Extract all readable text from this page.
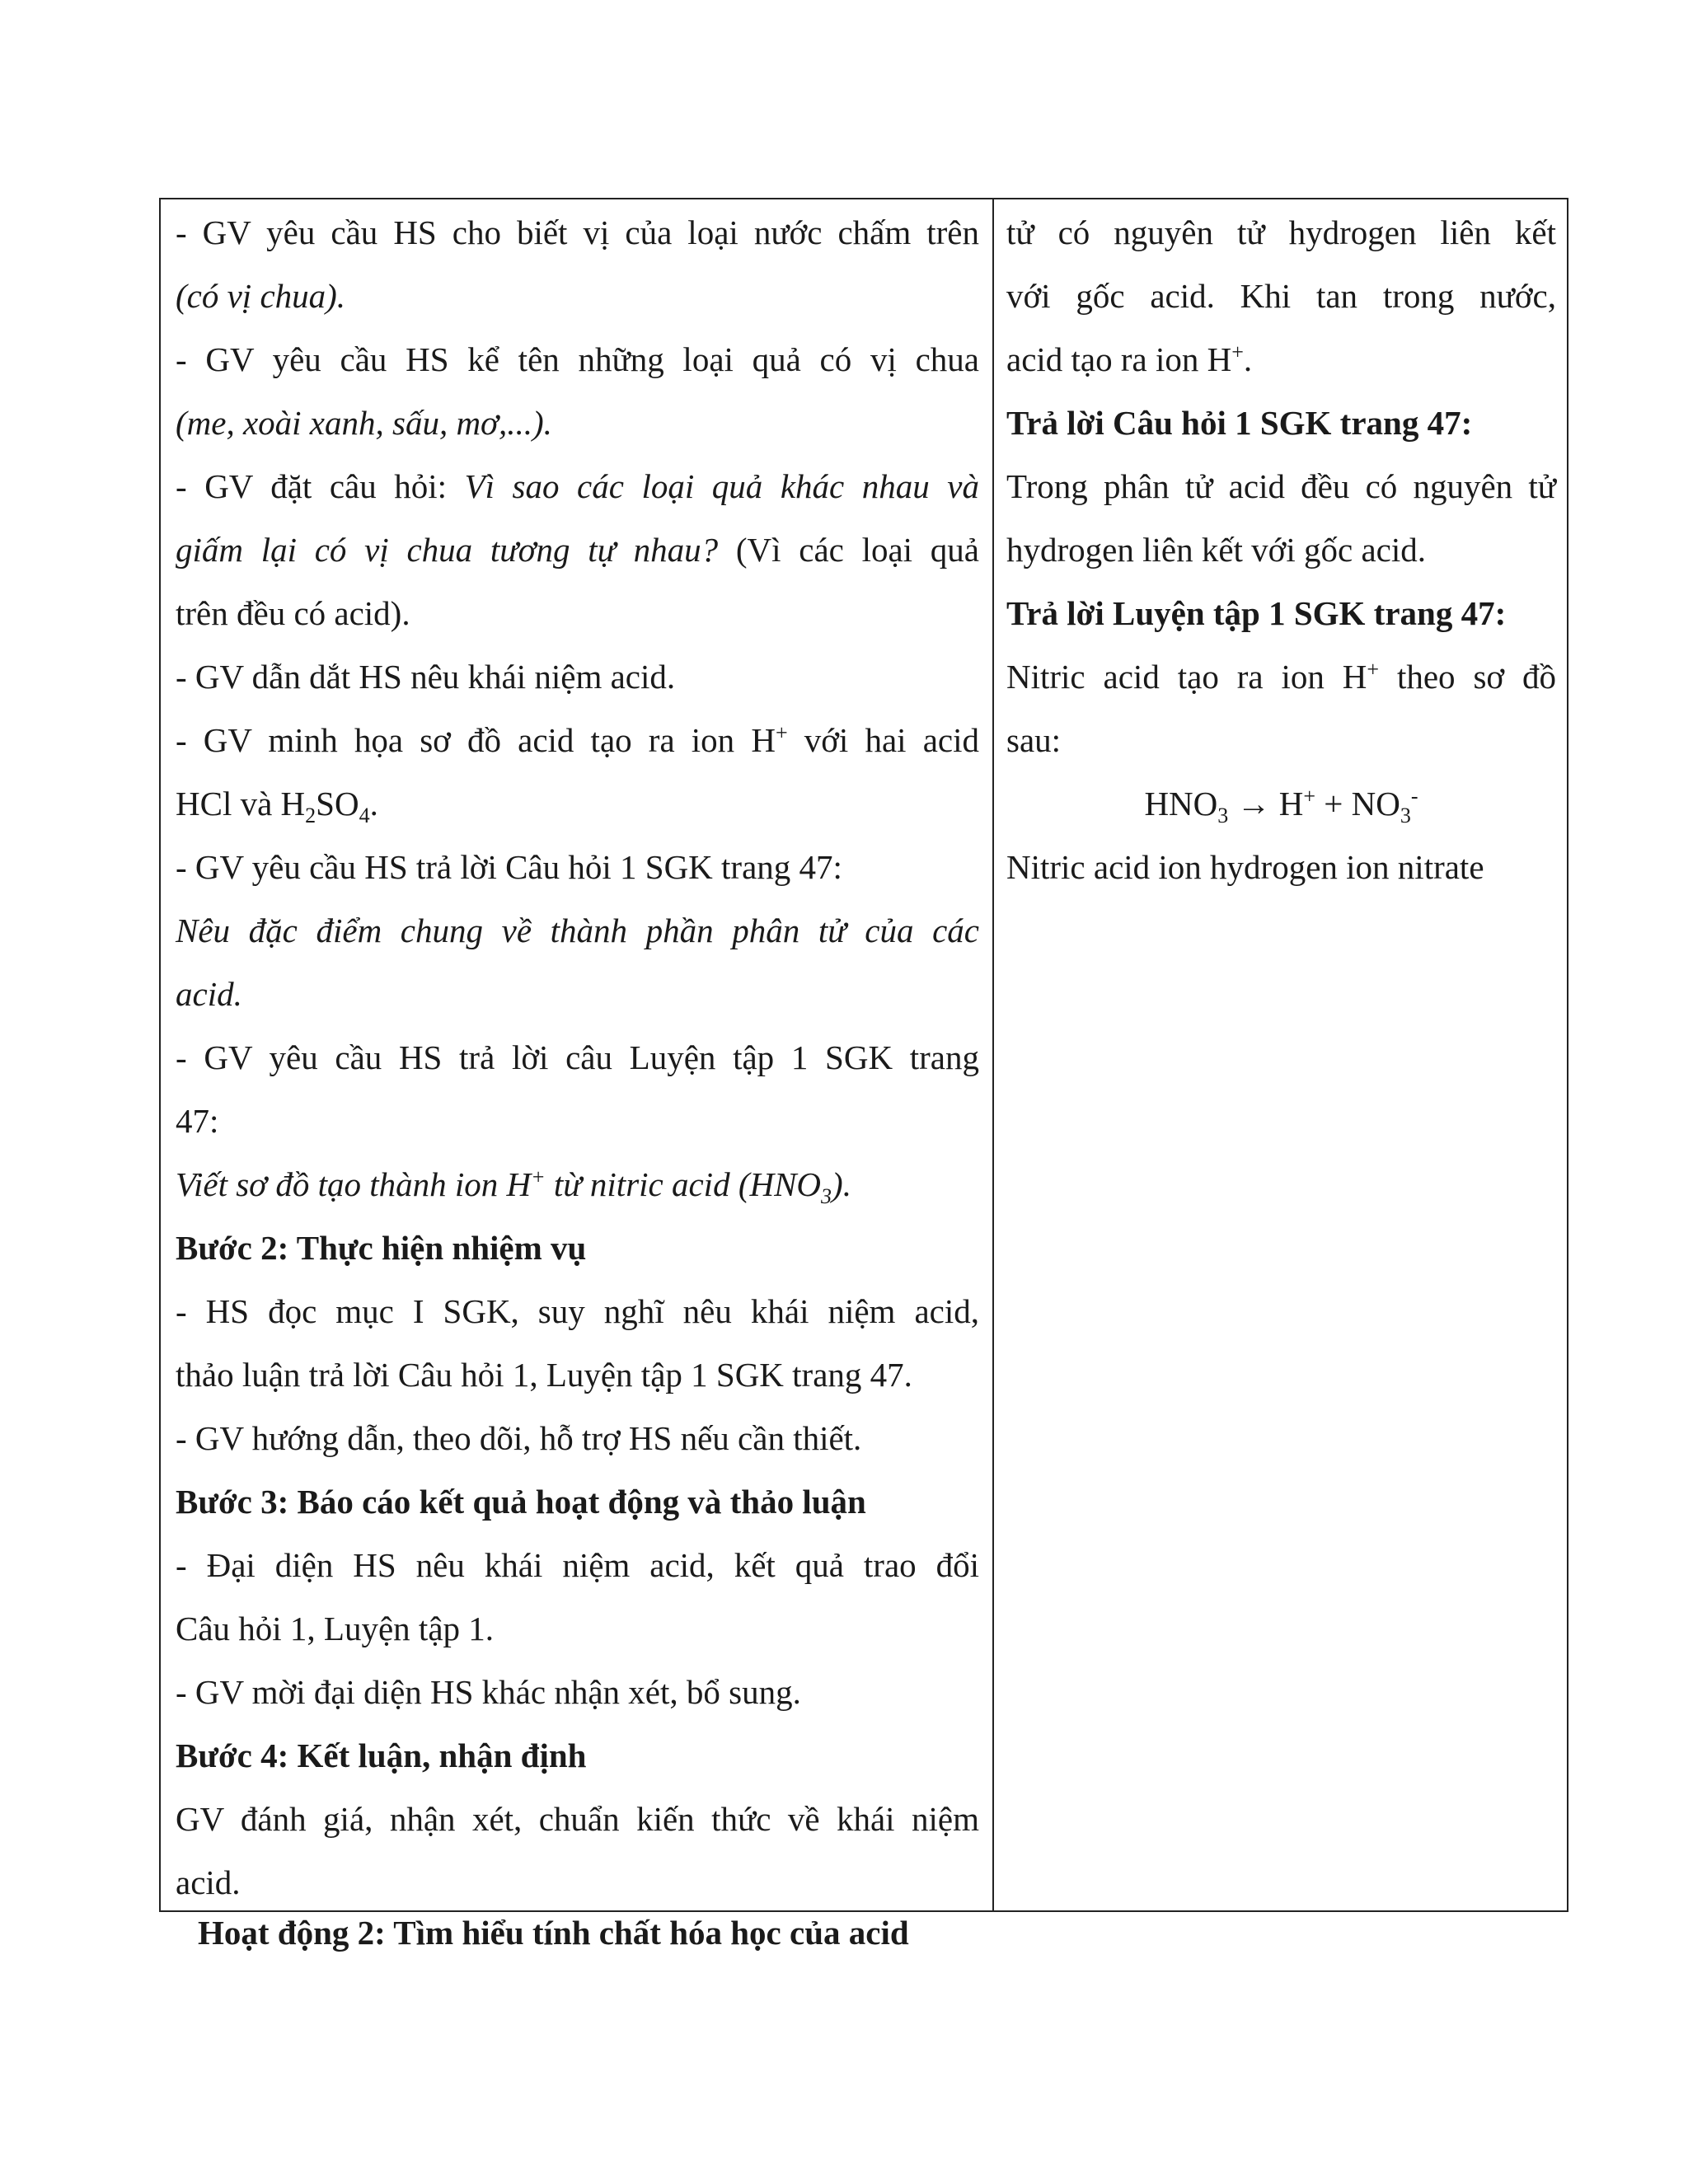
- GV yêu cầu HS cho biết vị của loại nước chấm trên
(có vị chua).
- GV yêu cầu HS kể tên những loại quả có vị chua
(me, xoài xanh, sấu, mơ,...).
- GV đặt câu hỏi: Vì sao các loại quả khác nhau và
giấm lại có vị chua tương tự nhau? (Vì các loại quả
trên đều có acid).
- GV dẫn dắt HS nêu khái niệm acid.
- GV minh họa sơ đồ acid tạo ra ion H+ với hai acid
HCl và $H_2SO_4$.
- GV yêu cầu HS trả lời Câu hỏi 1 SGK trang 47:
Nêu đặc điểm chung về thành phần phân tử của các
acid.
- GV yêu cầu HS trả lời câu Luyện tập 1 SGK trang
47:
Viết sơ đồ tạo thành ion H+ từ nitric acid $(HNO_3)$.
Bước 2: Thực hiện nhiệm vụ
- HS đọc mục I SGK, suy nghĩ nêu khái niệm acid,
thảo luận trả lời Câu hỏi 1, Luyện tập 1 SGK trang 47.
- GV hướng dẫn, theo dõi, hỗ trợ HS nếu cần thiết.
Bước 3: Báo cáo kết quả hoạt động và thảo luận
- Đại diện HS nêu khái niệm acid, kết quả trao đổi
Câu hỏi 1, Luyện tập 1.
- GV mời đại diện HS khác nhận xét, bổ sung.
Bước 4: Kết luận, nhận định
GV đánh giá, nhận xét, chuẩn kiến thức về khái niệm
acid.
tử có nguyên tử hydrogen liên kết
với gốc acid. Khi tan trong nước,
acid tạo ra ion H+.
Trả lời Câu hỏi 1 SGK trang 47:
Trong phân tử acid đều có nguyên tử
hydrogen liên kết với gốc acid.
Trả lời Luyện tập 1 SGK trang 47:
Nitric acid tạo ra ion H+ theo sơ đồ
sau:
$HNO_3 \to H^+ + NO_3^-$
Nitric acid ion hydrogen ion nitrate
Hoạt động 2: Tìm hiểu tính chất hóa học của acid
